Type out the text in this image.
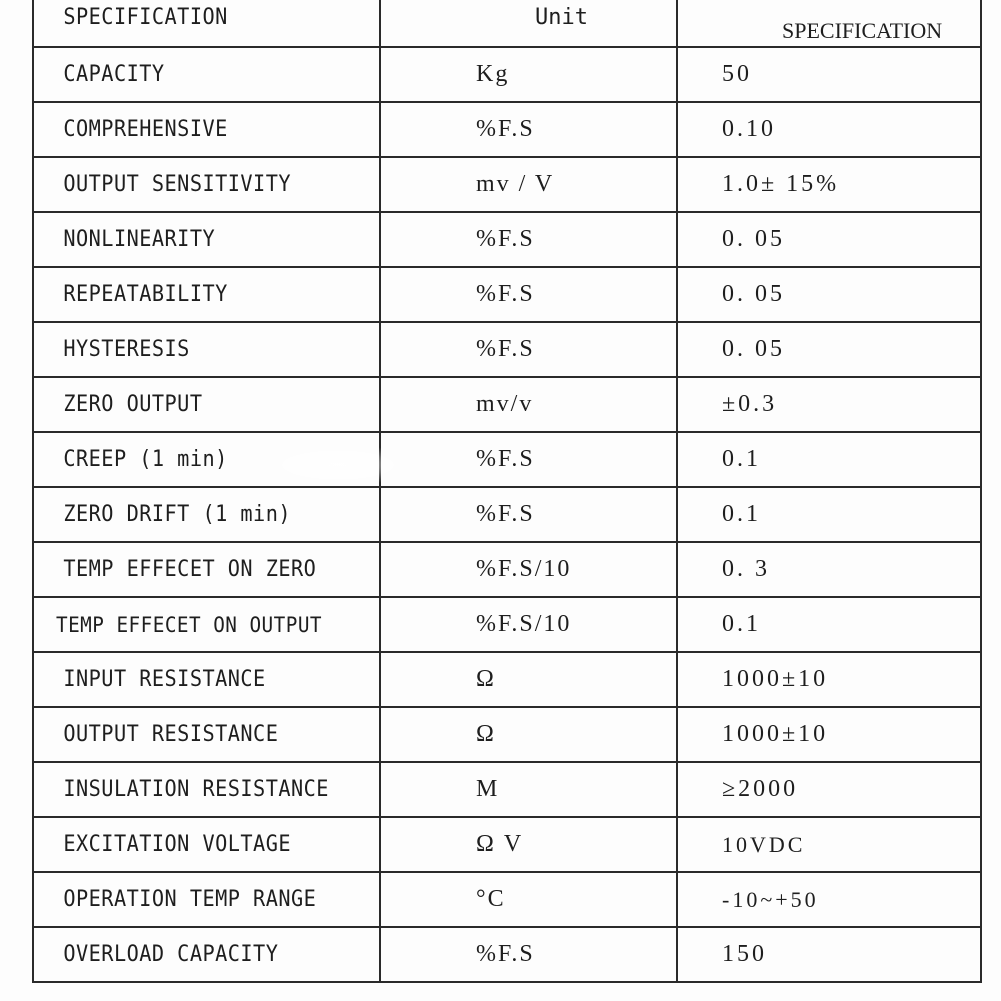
SPECIFICATION	Unit	SPECIFICATION
CAPACITY	Kg	50
COMPREHENSIVE	%F.S	0.10
OUTPUT SENSITIVITY	mv / V	1.0± 15%
NONLINEARITY	%F.S	0. 05
REPEATABILITY	%F.S	0. 05
HYSTERESIS	%F.S	0. 05
ZERO OUTPUT	mv/v	±0.3
CREEP (1 min)	%F.S	0.1
ZERO DRIFT (1 min)	%F.S	0.1
TEMP EFFECET ON ZERO	%F.S/10	0. 3
TEMP EFFECET ON OUTPUT	%F.S/10	0.1
INPUT RESISTANCE	Ω	1000±10
OUTPUT RESISTANCE	Ω	1000±10
INSULATION RESISTANCE	M	≥2000
EXCITATION VOLTAGE	Ω V	10VDC
OPERATION TEMP RANGE	°C	-10~+50
OVERLOAD CAPACITY	%F.S	150
